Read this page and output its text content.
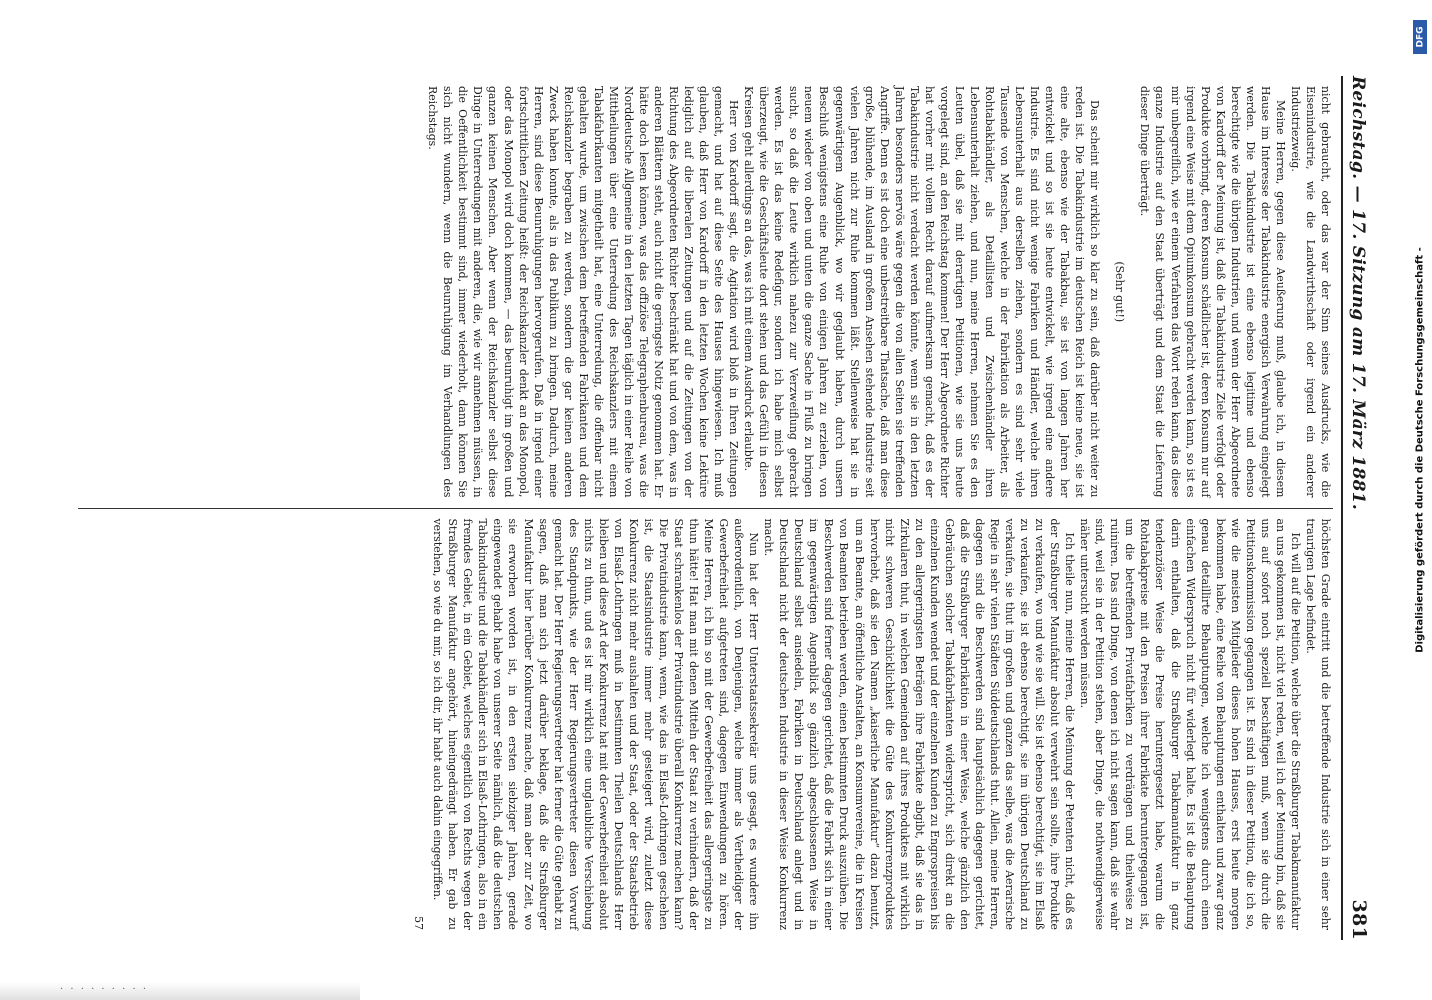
Reichstag. — 17. Sitzung am 17. März 1881.
381

nicht gebraucht, oder das war der Sinn seines Ausdrucks, wie die Eisenindustrie, wie die Landwirthschaft oder irgend ein anderer Industriezweig.

Meine Herren, gegen diese Aeußerung muß, glaube ich, in diesem Hause im Interesse der Tabakindustrie energisch Verwahrung eingelegt werden. Die Tabakindustrie ist eine ebenso legitime und ebenso berechtigte wie die übrigen Industrien, und wenn der Herr Abgeordnete von Kardorff der Meinung ist, daß die Tabakindustrie Ziele verfolgt oder Produkte vorbringt, deren Konsum schädlicher ist, deren Konsum nur auf irgend eine Weise mit dem Opiumkonsum gebracht werden kann, so ist es mir unbegreiflich, wie er einem Verfahren das Wort reden kann, das diese ganze Industrie auf den Staat überträgt und dem Staat die Lieferung dieser Dinge überträgt.

(Sehr gut!)

Das scheint mir wirklich so klar zu sein, daß darüber nicht weiter zu reden ist. Die Tabakindustrie im deutschen Reich ist keine neue, sie ist eine alte, ebenso wie der Tabakbau, sie ist von langen Jahren her entwickelt und so ist sie heute entwickelt, wie irgend eine andere Industrie. Es sind nicht wenige Fabriken und Händler, welche ihren Lebensunterhalt aus derselben ziehen, sondern es sind sehr viele Tausende von Menschen, welche in der Fabrikation als Arbeiter, als Rohtabakhändler, als Detaillisten und Zwischenhändler ihren Lebensunterhalt ziehen, und nun, meine Herren, nehmen Sie es den Leuten übel, daß sie mit derartigen Petitionen, wie sie uns heute vorgelegt sind, an den Reichstag kommen! Der Herr Abgeordnete Richter hat vorher mit vollem Recht darauf aufmerksam gemacht, daß es der Tabakindustrie nicht verdacht werden könnte, wenn sie in den letzten Jahren besonders nervös wäre gegen die von allen Seiten sie treffenden Angriffe. Denn es ist doch eine unbestreitbare Thatsache, daß man diese große, blühende, im Ausland in großem Ansehen stehende Industrie seit vielen Jahren nicht zur Ruhe kommen läßt. Stellenweise hat sie in gegenwärtigem Augenblick, wo wir geglaubt haben, durch unsern Beschluß wenigstens eine Ruhe von einigen Jahren zu erzielen, von neuem wieder von oben und unten die ganze Sache in Fluß zu bringen sucht, so daß die Leute wirklich nahezu zur Verzweiflung gebracht werden. Es ist das keine Redefigur, sondern ich habe mich selbst überzeugt, wie die Geschäftsleute dort stehen und das Gefühl in diesen Kreisen geht allerdings an das, was ich mit einem Ausdruck erlaubte.

Herr von Kardorff sagt, die Agitation wird bloß in Ihren Zeitungen gemacht, und hat auf diese Seite des Hauses hingewiesen. Ich muß glauben, daß Herr von Kardorff in den letzten Wochen keine Lektüre lediglich auf die liberalen Zeitungen und auf die Zeitungen von der Richtung des Abgeordneten Richter beschränkt hat und von dem, was in anderen Blättern steht, auch nicht die geringste Notiz genommen hat. Er hätte doch lesen können, was das offiziöse Telegraphenbureau, was die Norddeutsche Allgemeine in den letzten Tagen täglich in einer Reihe von Mittheilungen über eine Unterredung des Reichskanzlers mit einem Tabakfabrikanten mitgetheilt hat, eine Unterredung, die offenbar nicht gehalten wurde, um zwischen dem betreffenden Fabrikanten und dem Reichskanzler begraben zu werden, sondern die gar keinen anderen Zweck haben konnte, als in das Publikum zu bringen. Dadurch, meine Herren, sind diese Beunruhigungen hervorgerufen. Daß in irgend einer fortschrittlichen Zeitung heißt: der Reichskanzler denkt an das Monopol, oder das Monopol wird doch kommen, — das beunruhigt im großen und ganzen keinen Menschen. Aber wenn der Reichskanzler selbst diese Dinge in Unterredungen mit anderen, die, wie wir annehmen müssen, in die Oeffentlichkeit bestimmt sind, immer wiederholt, dann können Sie sich nicht wundern, wenn die Beunruhigung im Verhandlungen des Reichstags.

höchsten Grade eintritt und die betreffende Industrie sich in einer sehr traurigen Lage befindet.

Ich will auf die Petition, welche über die Straßburger Tabakmanufaktur an uns gekommen ist, nicht viel reden, weil ich der Meinung bin, daß sie uns auf sofort noch speziell beschäftigen muß, wenn sie durch die Petitionskommission gegangen ist. Es sind in dieser Petition, die ich so, wie die meisten Mitglieder dieses hohen Hauses, erst heute morgen bekommen habe, eine Reihe von Behauptungen enthalten und zwar ganz genau detaillirte Behauptungen, welche ich wenigstens durch einen einfachen Widerspruch nicht für widerlegt halte. Es ist die Behauptung darin enthalten, daß die Straßburger Tabakmanufaktur in ganz tendenziöser Weise die Preise heruntergesetzt habe, warum die Rohtabakpreise mit den Preisen ihrer Fabrikate heruntergegangen ist, um die betreffenden Privatfabriken zu verdrängen und theilweise zu ruiniren. Das sind Dinge, von denen ich nicht sagen kann, daß sie wahr sind, weil sie in der Petition stehen, aber Dinge, die nothwendigerweise näher untersucht werden müssen.

Ich theile nun, meine Herren, die Meinung der Petenten nicht, daß es der Straßburger Manufaktur absolut verwehrt sein sollte, ihre Produkte zu verkaufen, wo und wie sie will. Sie ist ebenso berechtigt, sie im Elsaß zu verkaufen, sie ist ebenso berechtigt, sie im übrigen Deutschland zu verkaufen, sie thut im großen und ganzen das selbe, was die Aerarische Regie in sehr vielen Städten Süddeutschlands thut. Allein, meine Herren, dagegen sind die Beschwerden sind hauptsächlich dagegen gerichtet, daß die Straßburger Fabrikation in einer Weise, welche gänzlich den Gebräuchen solcher Tabakfabrikanten widerspricht, sich direkt an die einzelnen Kunden wendet und der einzelnen Kunden zu Engrospreisen bis zu den allergeringsten Beträgen ihre Fabrikate abgibt, daß sie das in Zirkularen thut, in welchen Gemeinden auf ihres Produktes mit wirklich nicht schweren Geschicklichkeit die Güte des Konkurrenzproduktes hervorhebt, daß sie den Namen „kaiserliche Manufaktur“ dazu benutzt, um an Beamte, an öffentliche Anstalten, an Konsumvereine, die in Kreisen von Beamten betrieben werden, einen bestimmten Druck auszuüben. Die Beschwerden sind ferner dagegen gerichtet, daß die Fabrik sich in einer im gegenwärtigen Augenblick so gänzlich abgeschlossenen Weise in Deutschland selbst ansiedeln, Fabriken in Deutschland anlegt und in Deutschland nicht der deutschen Industrie in dieser Weise Konkurrenz macht.

Nun hat der Herr Unterstaatssekretär uns gesagt, es wundere ihn außerordentlich, von Denjenigen, welche immer als Vertheidiger der Gewerbefreiheit aufgetreten sind, dagegen Einwendungen zu hören. Meine Herren, ich bin so mit der Gewerbefreiheit das allergeringste zu thun hätte! Hat man mit denen Mitteln der Staat zu verhindern, daß der Staat schrankenlos der Privatindustrie überall Konkurrenz machen kann? Die Privatindustrie kann, wenn, wie das in Elsaß-Lothringen geschehen ist, die Staatsindustrie immer mehr gesteigert wird, zuletzt diese Konkurrenz nicht mehr aushalten und der Staat, oder der Staatsbetrieb von Elsaß-Lothringen muß in bestimmten Theilen Deutschlands Herr bleiben und diese Art der Konkurrenz hat mit der Gewerbefreiheit absolut nichts zu thun, und es ist mir wirklich eine unglaubliche Verschiebung des Standpunkts, wie der Herr Regierungsvertreter diesen Vorwurf gemacht hat. Der Herr Regierungsvertreter hat ferner die Güte gehabt zu sagen, daß man sich jetzt darüber beklage, daß die Straßburger Manufaktur hier herüber Konkurrenz mache, daß man aber zur Zeit, wo sie erworben worden ist, in den ersten siebziger Jahren, gerade eingewendet gehabt habe von unserer Seite nämlich, daß die deutschen Tabakindustrie und die Tabakhändler sich in Elsaß-Lothringen, also in ein fremdes Gebiet, in ein Gebiet, welches eigentlich von Rechts wegen der Straßburger Manufaktur angehört, hineingedrängt haben. Er gab zu verstehen, so wie du mir, so ich dir, ihr habt auch dahin eingegriffen.

57
DFG
Digitalisierung gefördert durch die Deutsche Forschungsgemeinschaft -
· · · · · · · · ·
